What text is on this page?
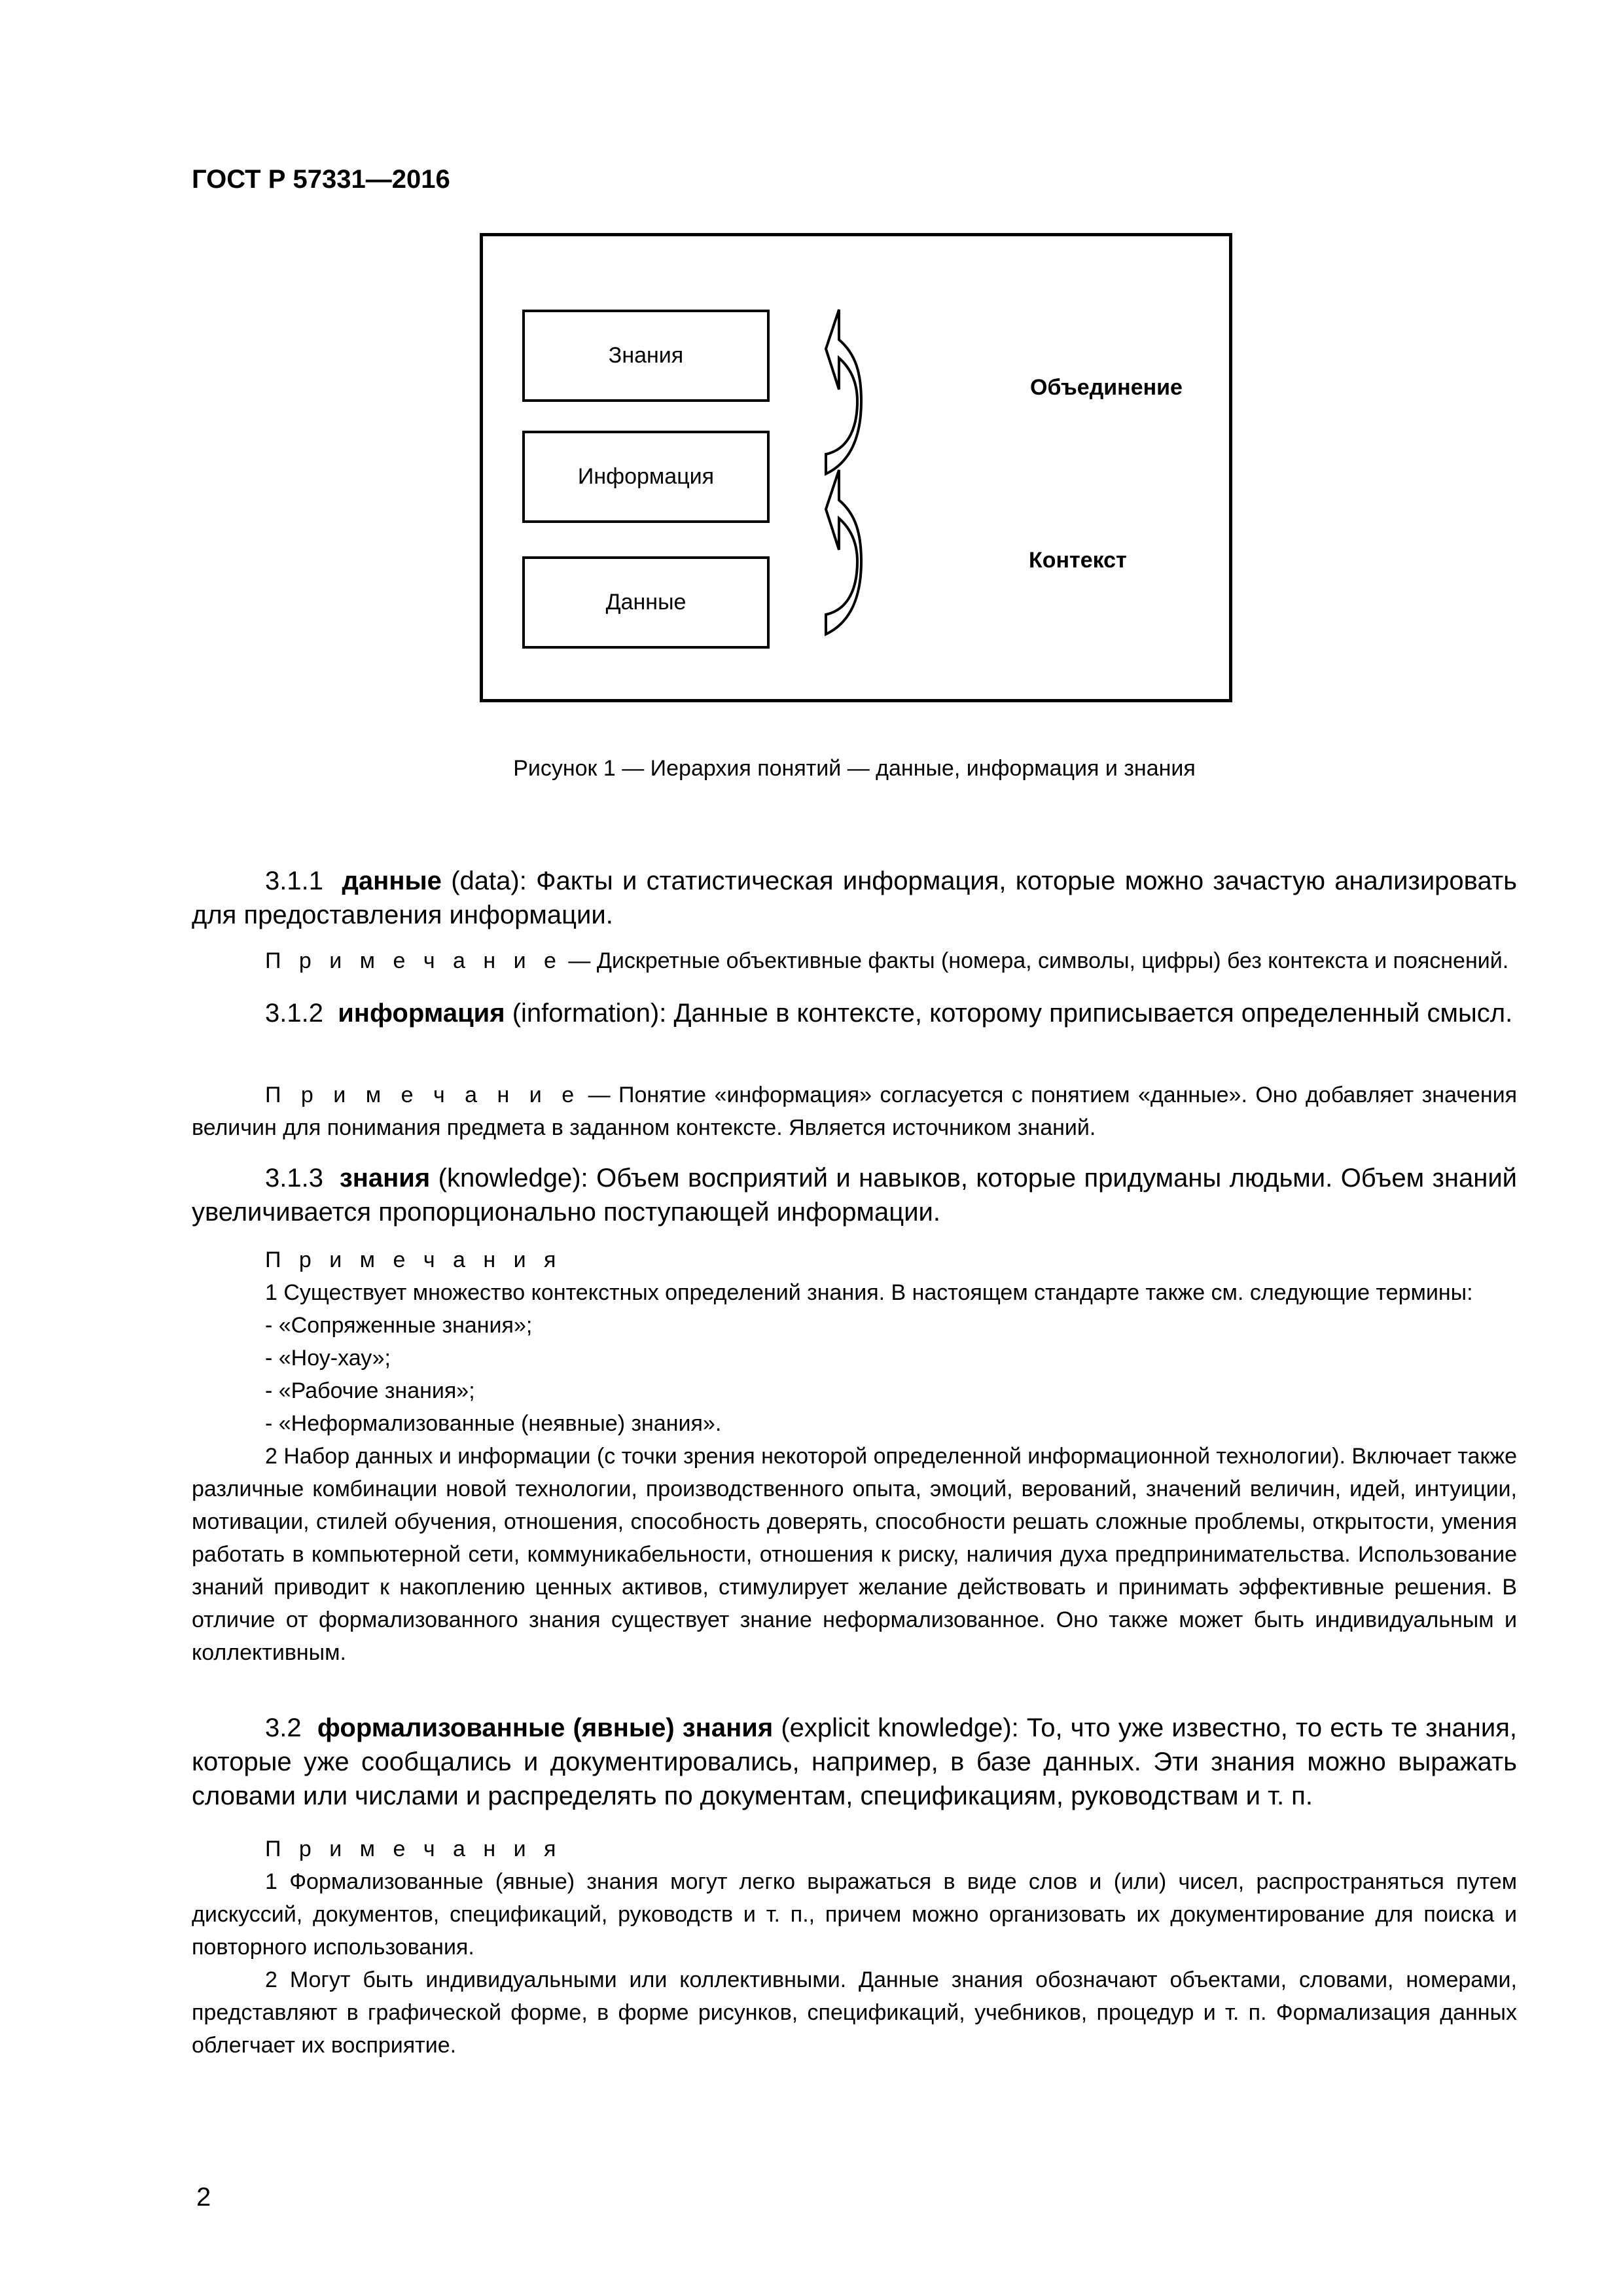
ГОСТ Р 57331—2016
Знания
Информация
Данные
Объединение
Контекст
Рисунок 1 — Иерархия понятий — данные, информация и знания
3.1.1 данные (data): Факты и статистическая информация, которые можно зачастую анализировать для предоставления информации.
П р и м е ч а н и е — Дискретные объективные факты (номера, символы, цифры) без контекста и пояснений.
3.1.2 информация (information): Данные в контексте, которому приписывается определенный смысл.
П р и м е ч а н и е — Понятие «информация» согласуется с понятием «данные». Оно добавляет значения величин для понимания предмета в заданном контексте. Является источником знаний.
3.1.3 знания (knowledge): Объем восприятий и навыков, которые придуманы людьми. Объем знаний увеличивается пропорционально поступающей информации.
П р и м е ч а н и я
1 Существует множество контекстных определений знания. В настоящем стандарте также см. следующие термины:
- «Сопряженные знания»;
- «Ноу-хау»;
- «Рабочие знания»;
- «Неформализованные (неявные) знания».
2 Набор данных и информации (с точки зрения некоторой определенной информационной технологии). Включает также различные комбинации новой технологии, производственного опыта, эмоций, верований, значений величин, идей, интуиции, мотивации, стилей обучения, отношения, способность доверять, способности решать сложные проблемы, открытости, умения работать в компьютерной сети, коммуникабельности, отношения к риску, наличия духа предпринимательства. Использование знаний приводит к накоплению ценных активов, стимулирует желание действовать и принимать эффективные решения. В отличие от формализованного знания существует знание неформализованное. Оно также может быть индивидуальным и коллективным.
3.2 формализованные (явные) знания (explicit knowledge): То, что уже известно, то есть те знания, которые уже сообщались и документировались, например, в базе данных. Эти знания можно выражать словами или числами и распределять по документам, спецификациям, руководствам и т. п.
П р и м е ч а н и я
1 Формализованные (явные) знания могут легко выражаться в виде слов и (или) чисел, распространяться путем дискуссий, документов, спецификаций, руководств и т. п., причем можно организовать их документирование для поиска и повторного использования.
2 Могут быть индивидуальными или коллективными. Данные знания обозначают объектами, словами, номерами, представляют в графической форме, в форме рисунков, спецификаций, учебников, процедур и т. п. Формализация данных облегчает их восприятие.
2
